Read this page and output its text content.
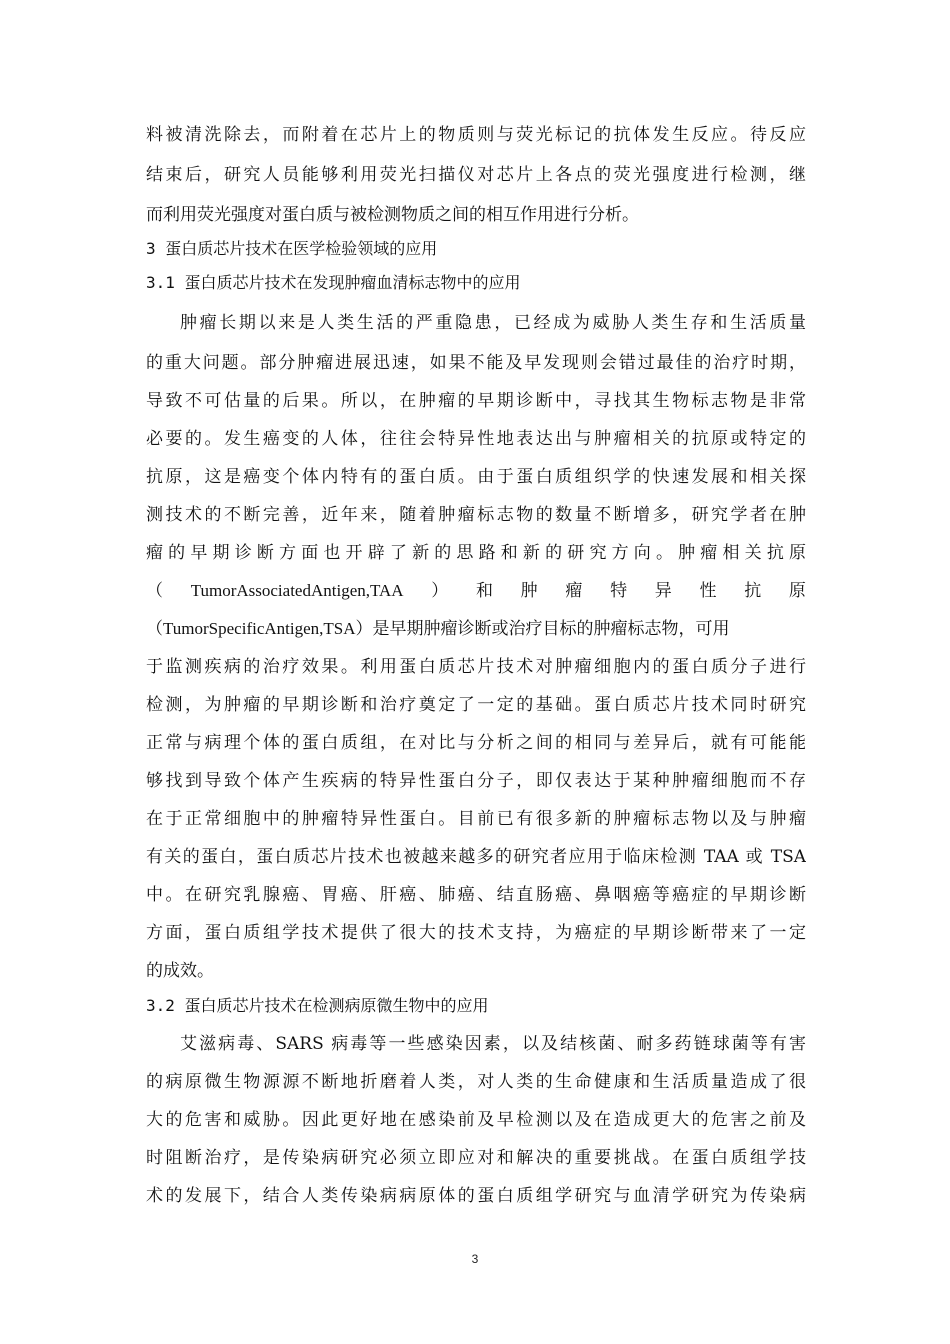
料被清洗除去，而附着在芯片上的物质则与荧光标记的抗体发生反应。待反应
结束后，研究人员能够利用荧光扫描仪对芯片上各点的荧光强度进行检测，继
而利用荧光强度对蛋白质与被检测物质之间的相互作用进行分析。
3 蛋白质芯片技术在医学检验领域的应用
3.1 蛋白质芯片技术在发现肿瘤血清标志物中的应用
肿瘤长期以来是人类生活的严重隐患，已经成为威胁人类生存和生活质量
的重大问题。部分肿瘤进展迅速，如果不能及早发现则会错过最佳的治疗时期，
导致不可估量的后果。所以，在肿瘤的早期诊断中，寻找其生物标志物是非常
必要的。发生癌变的人体，往往会特异性地表达出与肿瘤相关的抗原或特定的
抗原，这是癌变个体内特有的蛋白质。由于蛋白质组织学的快速发展和相关探
测技术的不断完善，近年来，随着肿瘤标志物的数量不断增多，研究学者在肿
瘤的早期诊断方面也开辟了新的思路和新的研究方向。肿瘤相关抗原
（ TumorAssociatedAntigen,TAA ） 和 肿 瘤 特 异 性 抗 原
（TumorSpecificAntigen,TSA）是早期肿瘤诊断或治疗目标的肿瘤标志物，可用
于监测疾病的治疗效果。利用蛋白质芯片技术对肿瘤细胞内的蛋白质分子进行
检测，为肿瘤的早期诊断和治疗奠定了一定的基础。蛋白质芯片技术同时研究
正常与病理个体的蛋白质组，在对比与分析之间的相同与差异后，就有可能能
够找到导致个体产生疾病的特异性蛋白分子，即仅表达于某种肿瘤细胞而不存
在于正常细胞中的肿瘤特异性蛋白。目前已有很多新的肿瘤标志物以及与肿瘤
有关的蛋白，蛋白质芯片技术也被越来越多的研究者应用于临床检测 TAA 或 TSA
中。在研究乳腺癌、胃癌、肝癌、肺癌、结直肠癌、鼻咽癌等癌症的早期诊断
方面，蛋白质组学技术提供了很大的技术支持，为癌症的早期诊断带来了一定
的成效。
3.2 蛋白质芯片技术在检测病原微生物中的应用
艾滋病毒、SARS 病毒等一些感染因素，以及结核菌、耐多药链球菌等有害
的病原微生物源源不断地折磨着人类，对人类的生命健康和生活质量造成了很
大的危害和威胁。因此更好地在感染前及早检测以及在造成更大的危害之前及
时阻断治疗，是传染病研究必须立即应对和解决的重要挑战。在蛋白质组学技
术的发展下，结合人类传染病病原体的蛋白质组学研究与血清学研究为传染病
3
